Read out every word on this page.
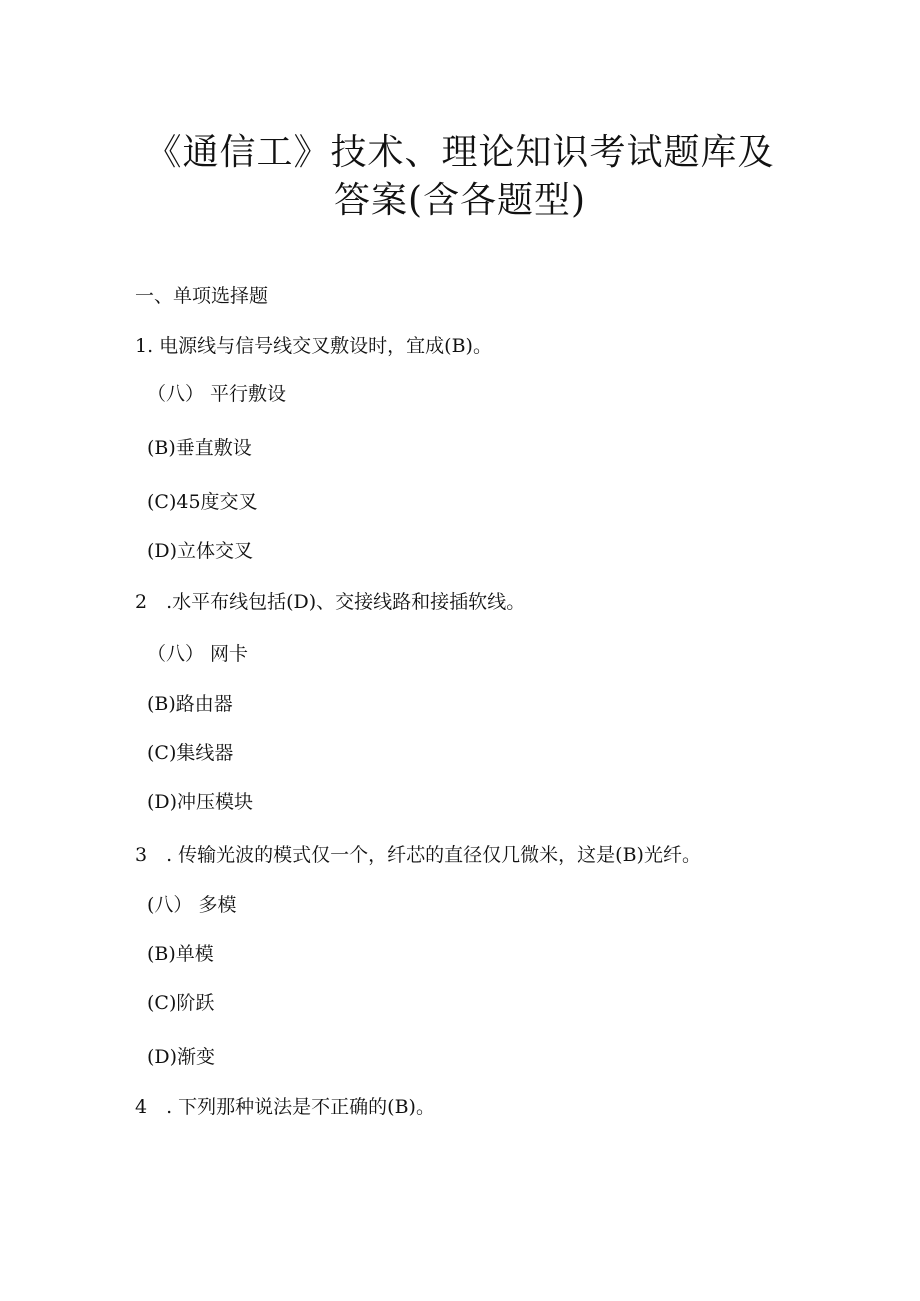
《通信工》技术、理论知识考试题库及
答案(含各题型)
一、单项选择题
1. 电源线与信号线交叉敷设时，宜成(B)。
（八） 平行敷设
(B)垂直敷设
(C)45度交叉
(D)立体交叉
2　.水平布线包括(D)、交接线路和接插软线。
（八） 网卡
(B)路由器
(C)集线器
(D)冲压模块
3　. 传输光波的模式仅一个，纤芯的直径仅几微米，这是(B)光纤。
(八） 多模
(B)单模
(C)阶跃
(D)渐变
4　. 下列那种说法是不正确的(B)。
